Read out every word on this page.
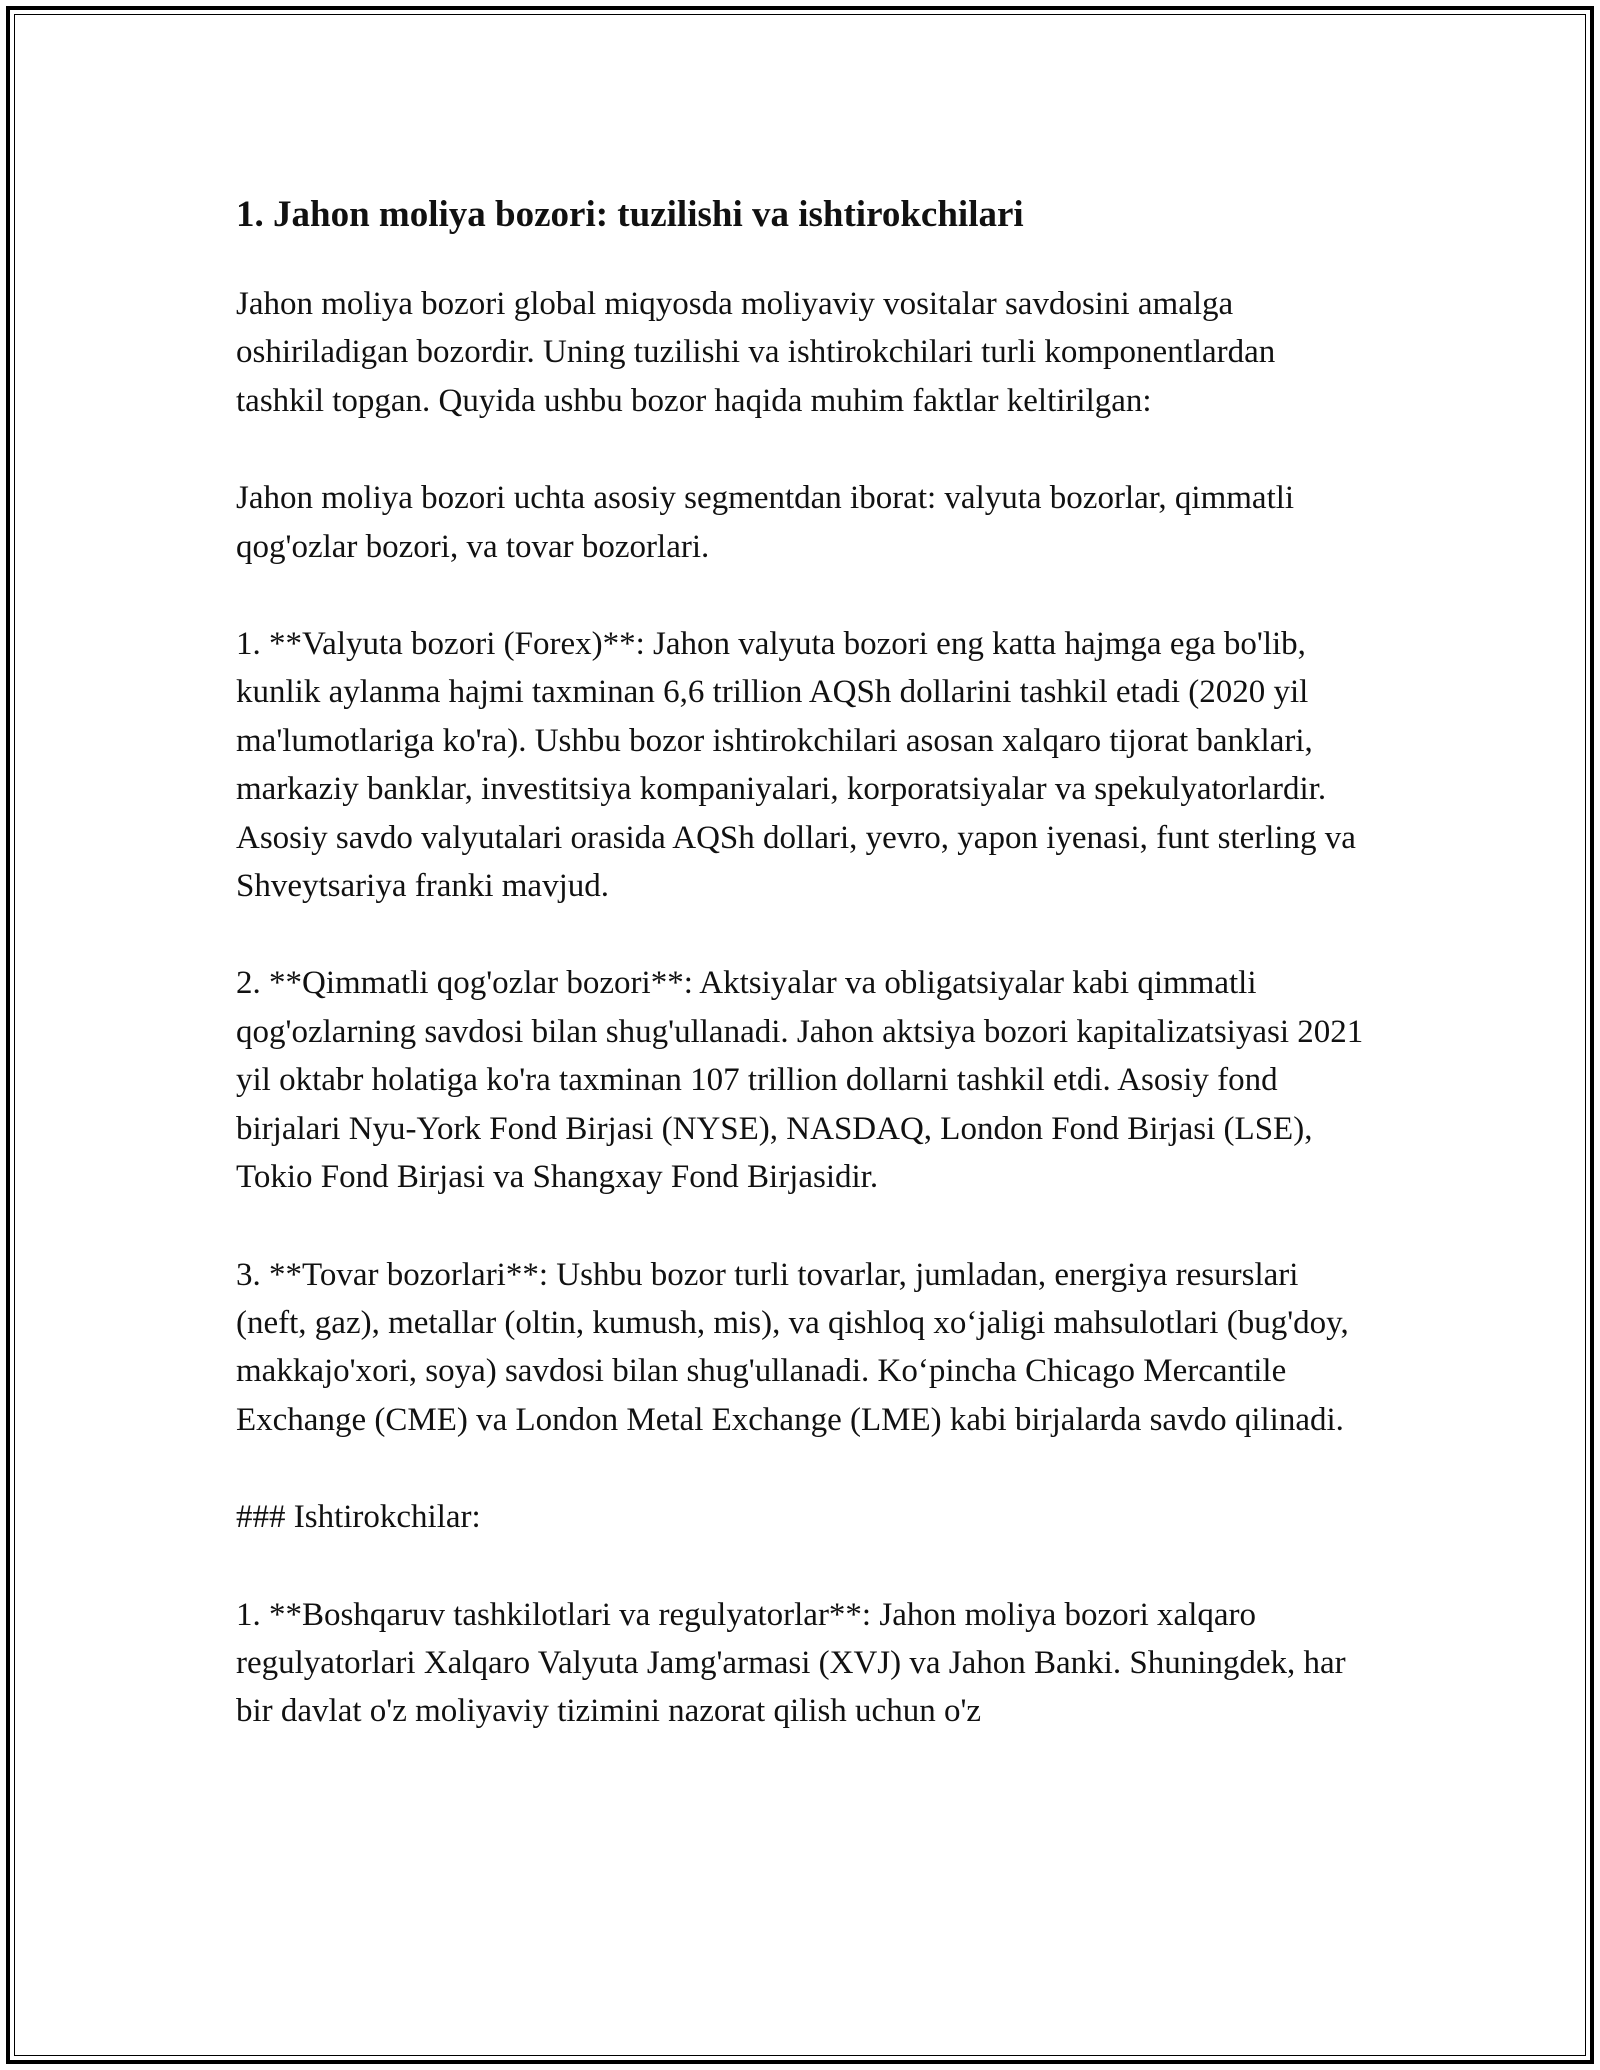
1. Jahon moliya bozori: tuzilishi va ishtirokchilari

Jahon moliya bozori global miqyosda moliyaviy vositalar savdosini amalga oshiriladigan bozordir. Uning tuzilishi va ishtirokchilari turli komponentlardan tashkil topgan. Quyida ushbu bozor haqida muhim faktlar keltirilgan:

Jahon moliya bozori uchta asosiy segmentdan iborat: valyuta bozorlar, qimmatli qog'ozlar bozori, va tovar bozorlari.

1. **Valyuta bozori (Forex)**: Jahon valyuta bozori eng katta hajmga ega bo'lib, kunlik aylanma hajmi taxminan 6,6 trillion AQSh dollarini tashkil etadi (2020 yil ma'lumotlariga ko'ra). Ushbu bozor ishtirokchilari asosan xalqaro tijorat banklari, markaziy banklar, investitsiya kompaniyalari, korporatsiyalar va spekulyatorlardir. Asosiy savdo valyutalari orasida AQSh dollari, yevro, yapon iyenasi, funt sterling va Shveytsariya franki mavjud.

2. **Qimmatli qog'ozlar bozori**: Aktsiyalar va obligatsiyalar kabi qimmatli qog'ozlarning savdosi bilan shug'ullanadi. Jahon aktsiya bozori kapitalizatsiyasi 2021 yil oktabr holatiga ko'ra taxminan 107 trillion dollarni tashkil etdi. Asosiy fond birjalari Nyu-York Fond Birjasi (NYSE), NASDAQ, London Fond Birjasi (LSE), Tokio Fond Birjasi va Shangxay Fond Birjasidir.

3. **Tovar bozorlari**: Ushbu bozor turli tovarlar, jumladan, energiya resurslari (neft, gaz), metallar (oltin, kumush, mis), va qishloq xo‘jaligi mahsulotlari (bug'doy, makkajo'xori, soya) savdosi bilan shug'ullanadi. Ko‘pincha Chicago Mercantile Exchange (CME) va London Metal Exchange (LME) kabi birjalarda savdo qilinadi.

### Ishtirokchilar:

1. **Boshqaruv tashkilotlari va regulyatorlar**: Jahon moliya bozori xalqaro regulyatorlari Xalqaro Valyuta Jamg'armasi (XVJ) va Jahon Banki. Shuningdek, har bir davlat o'z moliyaviy tizimini nazorat qilish uchun o'z
